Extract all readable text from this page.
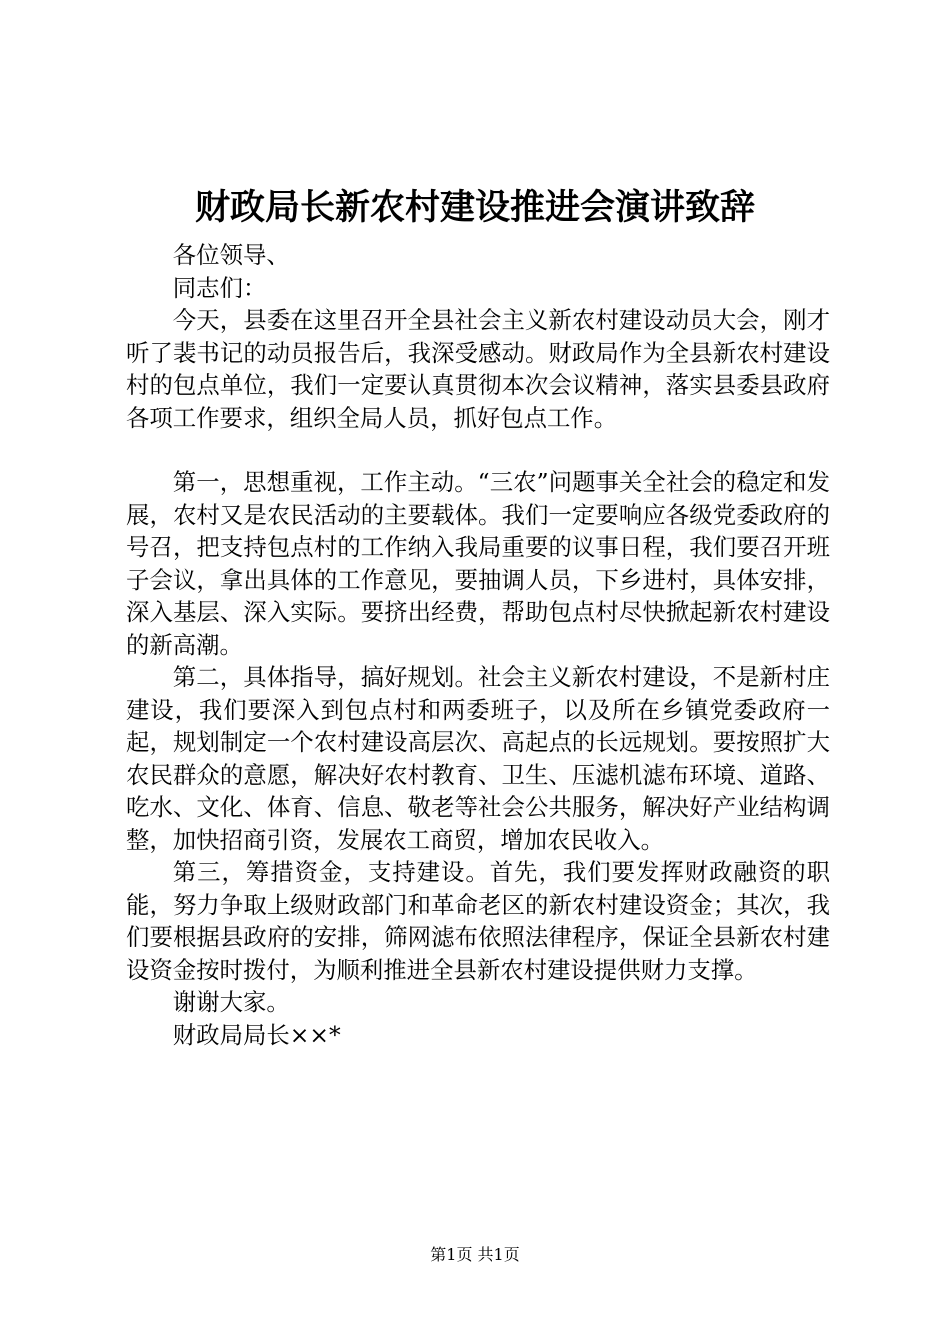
财政局长新农村建设推进会演讲致辞

各位领导、

同志们：

今天，县委在这里召开全县社会主义新农村建设动员大会，刚才听了裴书记的动员报告后，我深受感动。财政局作为全县新农村建设村的包点单位，我们一定要认真贯彻本次会议精神，落实县委县政府各项工作要求，组织全局人员，抓好包点工作。

第一，思想重视，工作主动。“三农”问题事关全社会的稳定和发展，农村又是农民活动的主要载体。我们一定要响应各级党委政府的号召，把支持包点村的工作纳入我局重要的议事日程，我们要召开班子会议，拿出具体的工作意见，要抽调人员，下乡进村，具体安排，深入基层、深入实际。要挤出经费，帮助包点村尽快掀起新农村建设的新高潮。

第二，具体指导，搞好规划。社会主义新农村建设，不是新村庄建设，我们要深入到包点村和两委班子，以及所在乡镇党委政府一起，规划制定一个农村建设高层次、高起点的长远规划。要按照扩大农民群众的意愿，解决好农村教育、卫生、压滤机滤布环境、道路、吃水、文化、体育、信息、敬老等社会公共服务，解决好产业结构调整，加快招商引资，发展农工商贸，增加农民收入。

第三，筹措资金，支持建设。首先，我们要发挥财政融资的职能，努力争取上级财政部门和革命老区的新农村建设资金；其次，我们要根据县政府的安排，筛网滤布依照法律程序，保证全县新农村建设资金按时拨付，为顺利推进全县新农村建设提供财力支撑。

谢谢大家。

财政局局长××*

第1页 共1页
